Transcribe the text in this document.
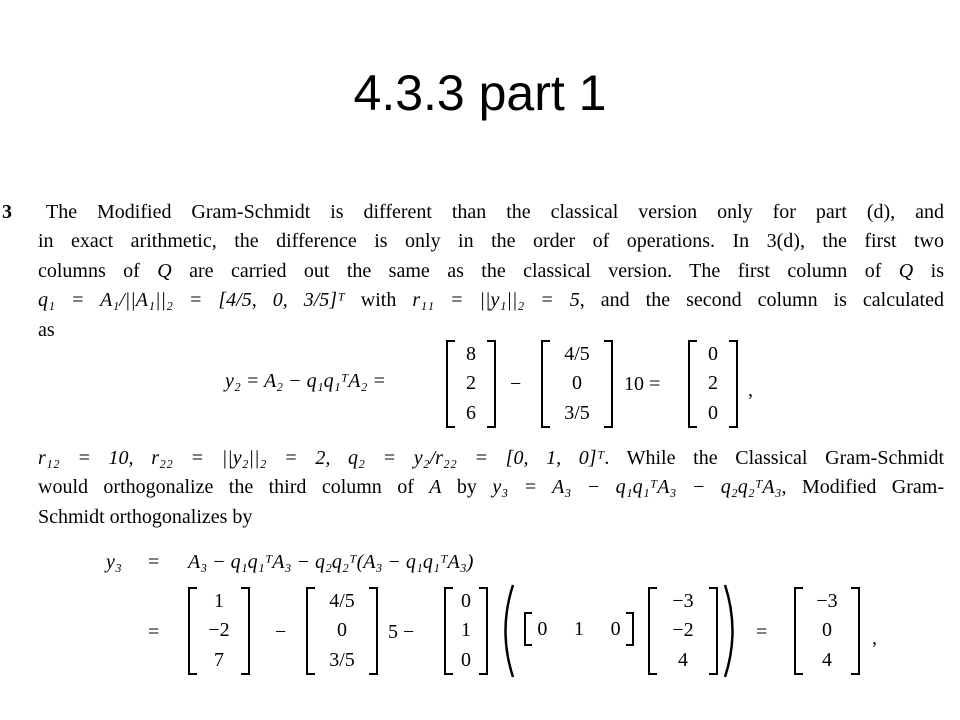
4.3.3 part 1
3	The Modified Gram-Schmidt is different than the classical version only for part (d), and
in exact arithmetic, the difference is only in the order of operations. In 3(d), the first two
columns of Q are carried out the same as the classical version. The first column of Q is
q₁ = A₁/||A₁||₂ = [4/5, 0, 3/5]ᵀ with r₁₁ = ||y₁||₂ = 5, and the second column is calculated
as
y₂ = A₂ − q₁q₁ᵀA₂ =
8
2
6
−
4/5
0
3/5
10 =
0
2
0
,
r₁₂ = 10, r₂₂ = ||y₂||₂ = 2, q₂ = y₂/r₂₂ = [0, 1, 0]ᵀ. While the Classical Gram-Schmidt
would orthogonalize the third column of A by y₃ = A₃ − q₁q₁ᵀA₃ − q₂q₂ᵀA₃, Modified Gram-
Schmidt orthogonalizes by
y₃ = A₃ − q₁q₁ᵀA₃ − q₂q₂ᵀ(A₃ − q₁q₁ᵀA₃)
=
1
−2
7
−
4/5
0
3/5
5 −
0
1
0
0 1 0
−3
−2
4
=
−3
0
4
,
